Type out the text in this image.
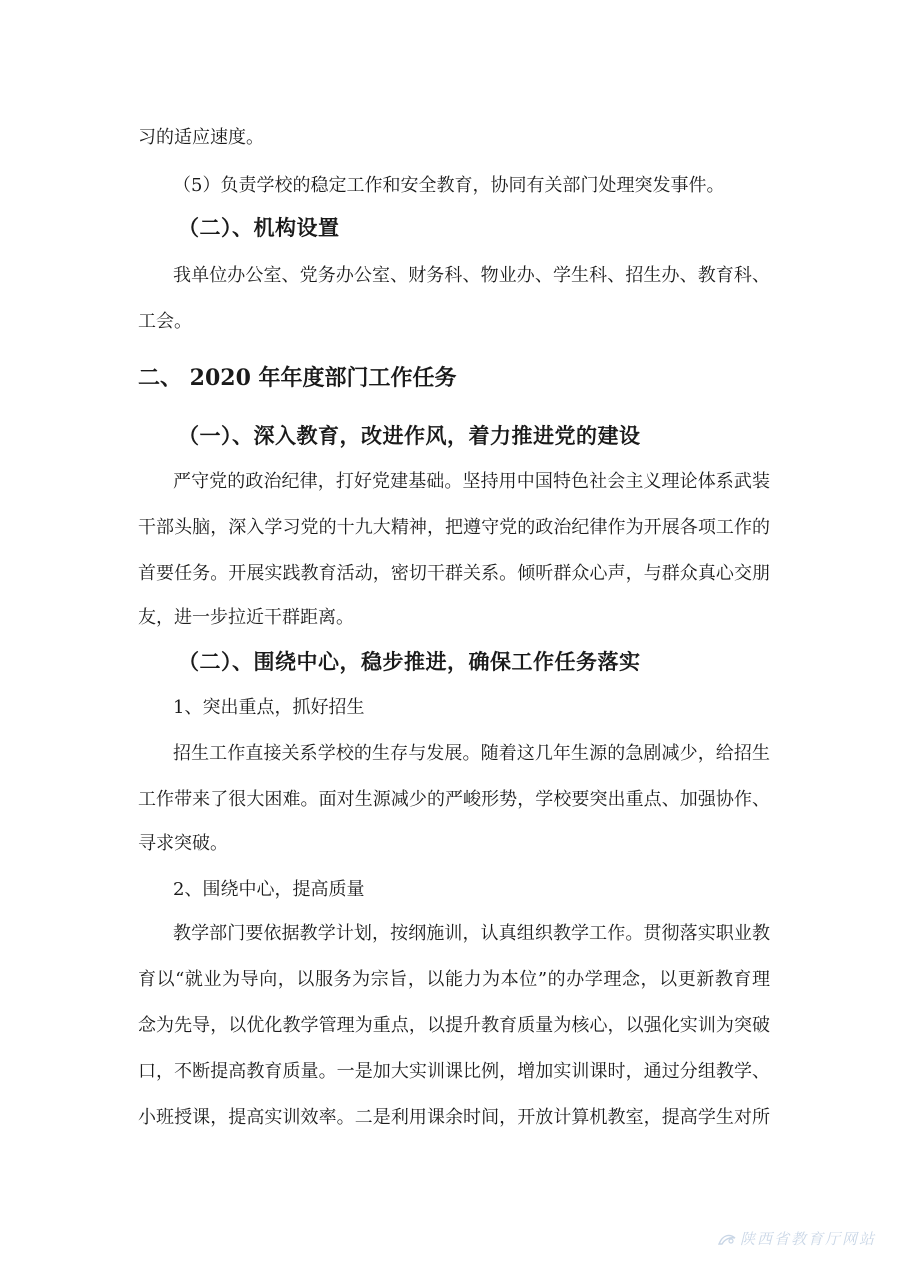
习的适应速度。
（5）负责学校的稳定工作和安全教育，协同有关部门处理突发事件。
（二）、机构设置
我单位办公室、党务办公室、财务科、物业办、学生科、招生办、教育科、
工会。
二、 2020 年年度部门工作任务
（一）、深入教育，改进作风，着力推进党的建设
严守党的政治纪律，打好党建基础。坚持用中国特色社会主义理论体系武装
干部头脑，深入学习党的十九大精神，把遵守党的政治纪律作为开展各项工作的
首要任务。开展实践教育活动，密切干群关系。倾听群众心声，与群众真心交朋
友，进一步拉近干群距离。
（二）、围绕中心，稳步推进，确保工作任务落实
1、突出重点，抓好招生
招生工作直接关系学校的生存与发展。随着这几年生源的急剧减少，给招生
工作带来了很大困难。面对生源减少的严峻形势，学校要突出重点、加强协作、
寻求突破。
2、围绕中心，提高质量
教学部门要依据教学计划，按纲施训，认真组织教学工作。贯彻落实职业教
育以“就业为导向，以服务为宗旨，以能力为本位”的办学理念，以更新教育理
念为先导，以优化教学管理为重点，以提升教育质量为核心，以强化实训为突破
口，不断提高教育质量。一是加大实训课比例，增加实训课时，通过分组教学、
小班授课，提高实训效率。二是利用课余时间，开放计算机教室，提高学生对所
陕西省教育厅网站
